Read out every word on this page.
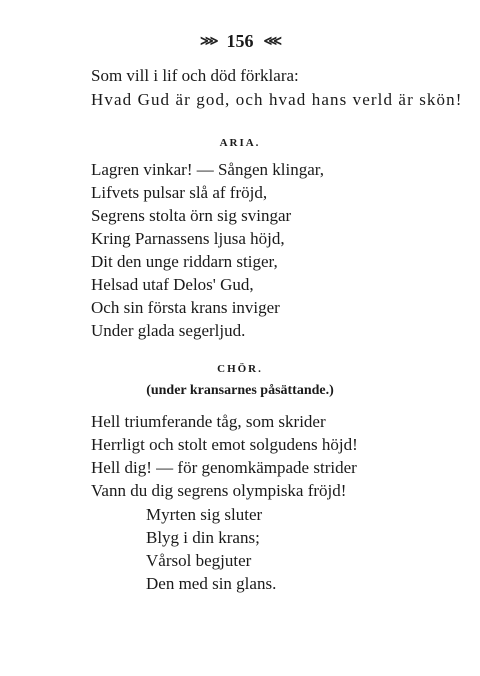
⋙ 156 ⋘
Som vill i lif och död förklara:
Hvad Gud är god, och hvad hans verld är skön!
ARIA.
Lagren vinkar! — Sången klingar,
Lifvets pulsar slå af fröjd,
Segrens stolta örn sig svingar
Kring Parnassens ljusa höjd,
Dit den unge riddarn stiger,
Helsad utaf Delos' Gud,
Och sin första krans inviger
Under glada segerljud.
CHÖR.
(under kransarnes påsättande.)
Hell triumferande tåg, som skrider
Herrligt och stolt emot solgudens höjd!
Hell dig! — för genomkämpade strider
Vann du dig segrens olympiska fröjd!
Myrten sig sluter
Blyg i din krans;
Vårsol begjuter
Den med sin glans.
